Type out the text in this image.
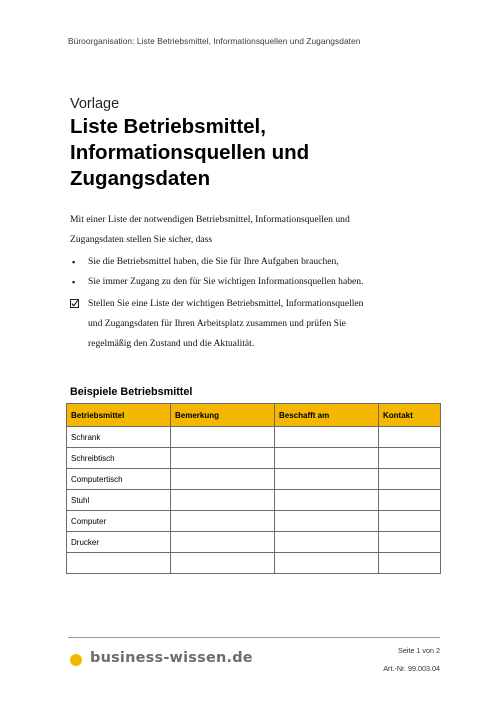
Büroorganisation: Liste Betriebsmittel, Informationsquellen und Zugangsdaten
Vorlage
Liste Betriebsmittel,
Informationsquellen und
Zugangsdaten
Mit einer Liste der notwendigen Betriebsmittel, Informationsquellen und
Zugangsdaten stellen Sie sicher, dass
▪ Sie die Betriebsmittel haben, die Sie für Ihre Aufgaben brauchen,
▪ Sie immer Zugang zu den für Sie wichtigen Informationsquellen haben.
Stellen Sie eine Liste der wichtigen Betriebsmittel, Informationsquellen
und Zugangsdaten für Ihren Arbeitsplatz zusammen und prüfen Sie
regelmäßig den Zustand und die Aktualität.
Beispiele Betriebsmittel
Betriebsmittel	Bemerkung	Beschafft am	Kontakt
Schrank			
Schreibtisch			
Computertisch			
Stuhl			
Computer			
Drucker			

business-wissen.de	Seite 1 von 2
Art.-Nr. 99.003.04
